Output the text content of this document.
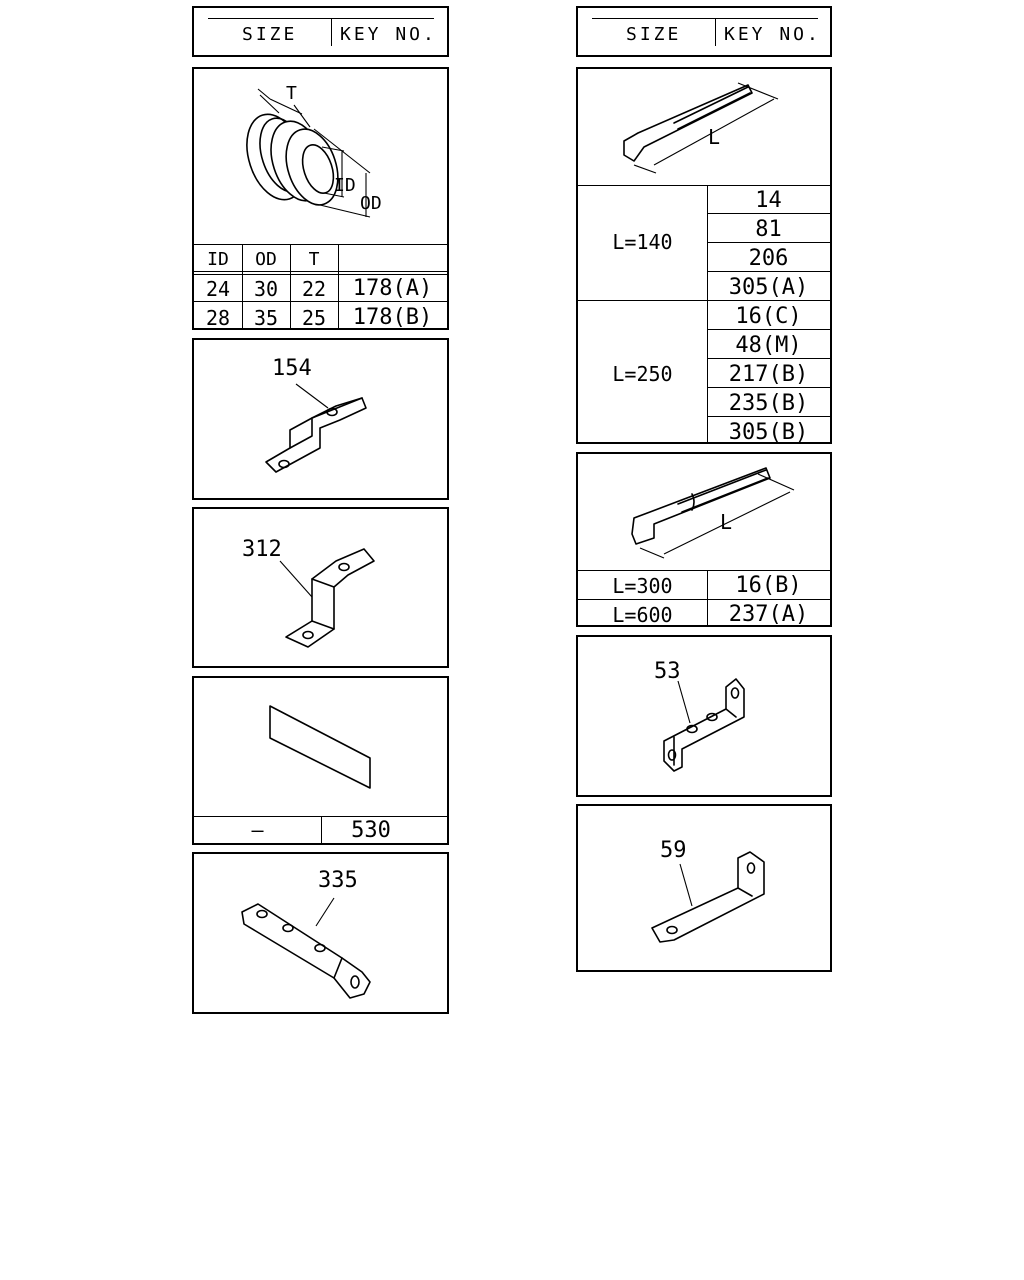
SIZE KEY NO.
T
ID
OD
ID	OD	T
24	30	22	178(A)
28	35	25	178(B)
154
312
—	530
335
SIZE KEY NO.
L
L=140
14
81
206
305(A)
L=250
16(C)
48(M)
217(B)
235(B)
305(B)
L
L=300	16(B)
L=600	237(A)
53
59
